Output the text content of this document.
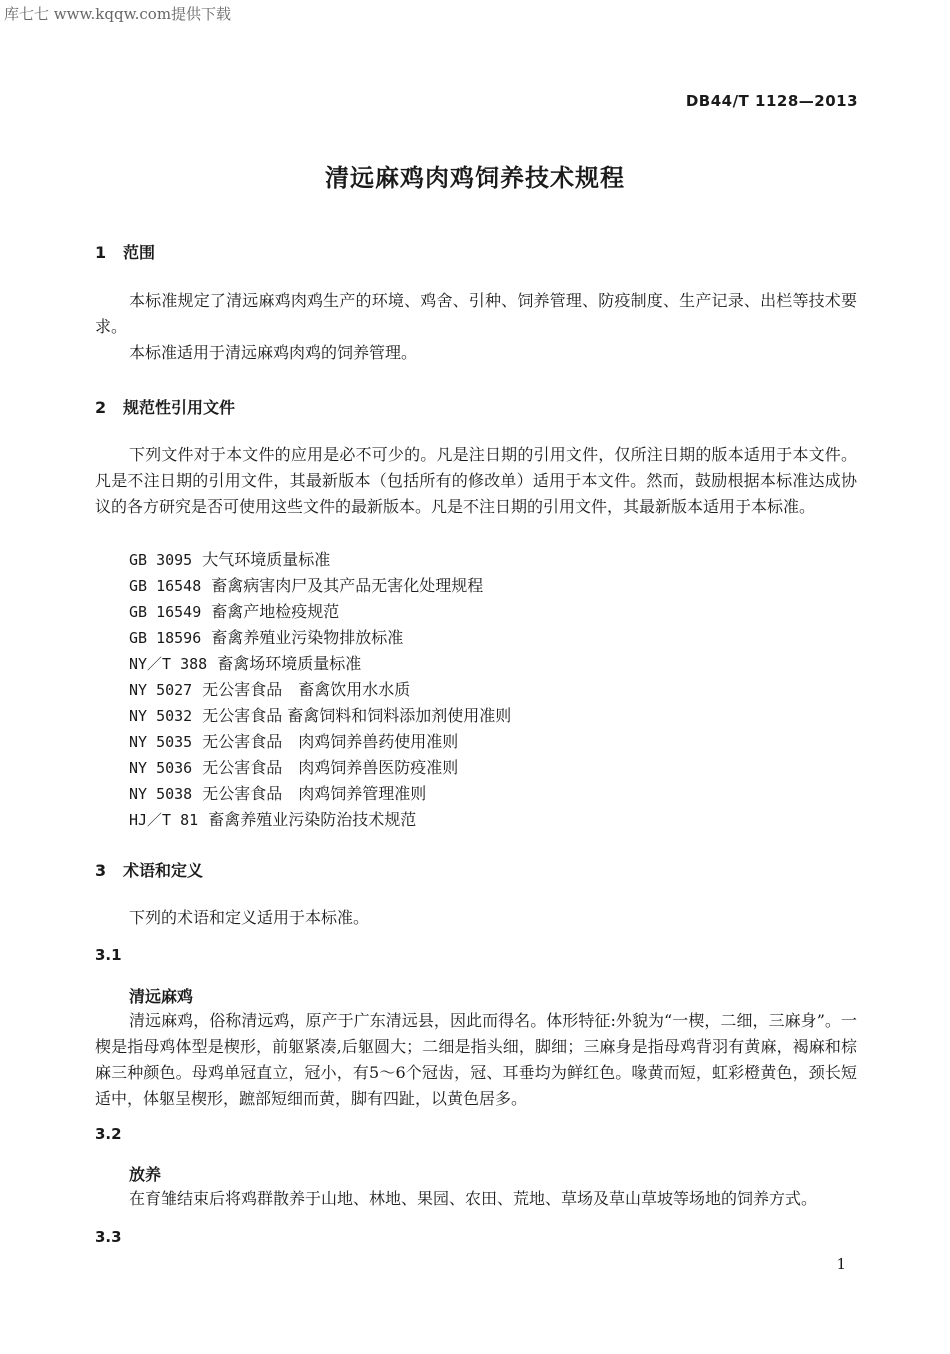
库七七 www.kqqw.com提供下载
DB44/T 1128—2013
清远麻鸡肉鸡饲养技术规程
1 范围

本标准规定了清远麻鸡肉鸡生产的环境、鸡舍、引种、饲养管理、防疫制度、生产记录、出栏等技术要求。

本标准适用于清远麻鸡肉鸡的饲养管理。

2 规范性引用文件

下列文件对于本文件的应用是必不可少的。凡是注日期的引用文件，仅所注日期的版本适用于本文件。凡是不注日期的引用文件，其最新版本（包括所有的修改单）适用于本文件。然而，鼓励根据本标准达成协议的各方研究是否可使用这些文件的最新版本。凡是不注日期的引用文件，其最新版本适用于本标准。

GB 3095 大气环境质量标准
GB 16548 畜禽病害肉尸及其产品无害化处理规程
GB 16549 畜禽产地检疫规范
GB 18596 畜禽养殖业污染物排放标准
NY／T 388 畜禽场环境质量标准
NY 5027 无公害食品　畜禽饮用水水质
NY 5032 无公害食品 畜禽饲料和饲料添加剂使用准则
NY 5035 无公害食品　肉鸡饲养兽药使用准则
NY 5036 无公害食品　肉鸡饲养兽医防疫准则
NY 5038 无公害食品　肉鸡饲养管理准则
HJ／T 81 畜禽养殖业污染防治技术规范
3 术语和定义

下列的术语和定义适用于本标准。

3.1
清远麻鸡

清远麻鸡，俗称清远鸡，原产于广东清远县，因此而得名。体形特征:外貌为“一楔，二细，三麻身”。一楔是指母鸡体型是楔形，前躯紧凑,后躯圆大；二细是指头细，脚细；三麻身是指母鸡背羽有黄麻，褐麻和棕麻三种颜色。母鸡单冠直立，冠小，有5～6个冠齿，冠、耳垂均为鲜红色。喙黄而短，虹彩橙黄色，颈长短适中，体躯呈楔形，蹠部短细而黄，脚有四趾，以黄色居多。

3.2
放养

在育雏结束后将鸡群散养于山地、林地、果园、农田、荒地、草场及草山草坡等场地的饲养方式。

3.3
1
